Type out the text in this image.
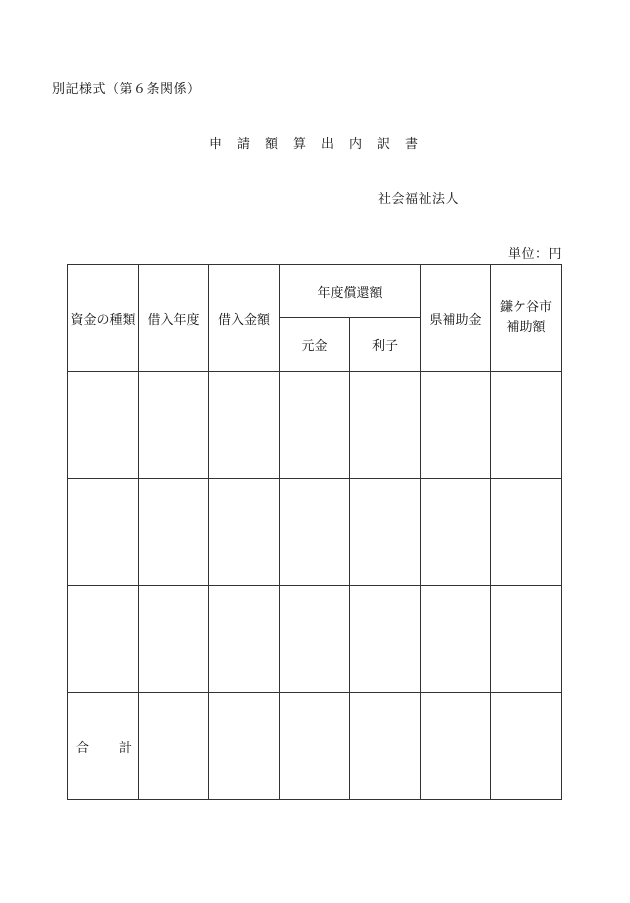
別記様式（第６条関係）
申請額算出内訳書
社会福祉法人
単位：円
資金の種類	借入年度	借入金額	年度償還額		県補助金	鎌ケ谷市
補助額
			元金	利子		

合 計						
